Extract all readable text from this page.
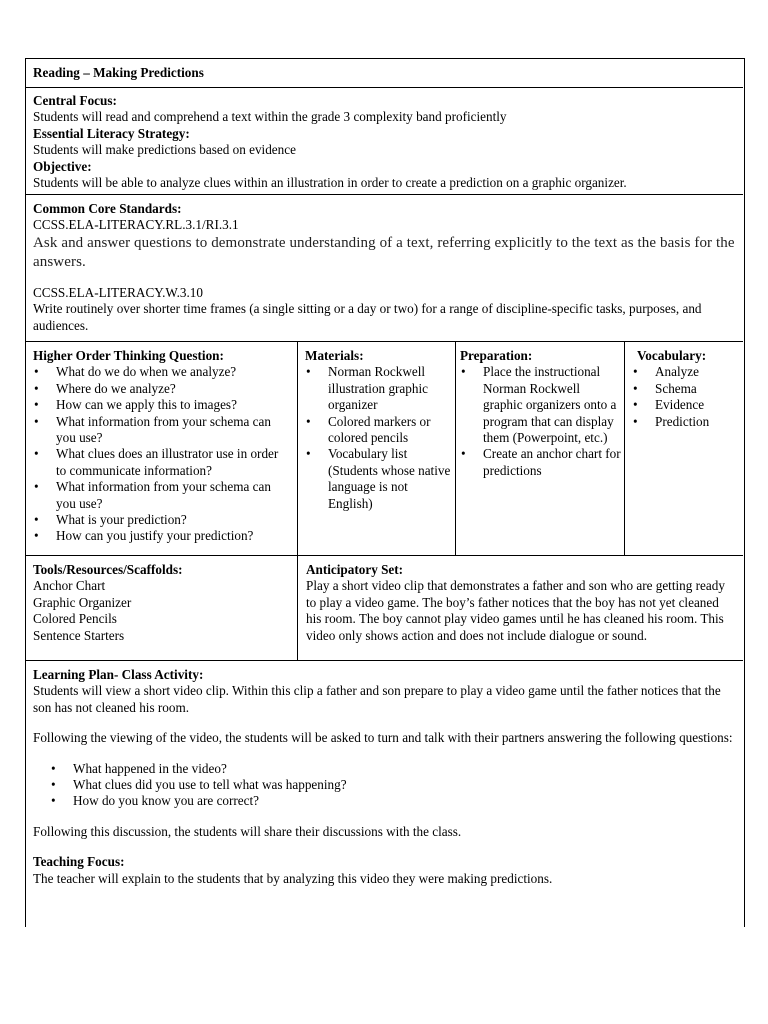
Reading – Making Predictions

Central Focus:

Students will read and comprehend a text within the grade 3 complexity band proficiently

Essential Literacy Strategy:

Students will make predictions based on evidence

Objective:

Students will be able to analyze clues within an illustration in order to create a prediction on a graphic organizer.

Common Core Standards:

CCSS.ELA-LITERACY.RL.3.1/RI.3.1

Ask and answer questions to demonstrate understanding of a text, referring explicitly to the text as the basis for the answers.

CCSS.ELA-LITERACY.W.3.10

Write routinely over shorter time frames (a single sitting or a day or two) for a range of discipline-specific tasks, purposes, and audiences.

Higher Order Thinking Question:

• What do we do when we analyze?
• Where do we analyze?
• How can we apply this to images?
• What information from your schema can you use?
• What clues does an illustrator use in order to communicate information?
• What information from your schema can you use?
• What is your prediction?
• How can you justify your prediction?

Materials:

• Norman Rockwell illustration graphic organizer
• Colored markers or colored pencils
• Vocabulary list (Students whose native language is not English)

Preparation:

• Place the instructional Norman Rockwell graphic organizers onto a program that can display them (Powerpoint, etc.)
• Create an anchor chart for predictions

Vocabulary:

• Analyze
• Schema
• Evidence
• Prediction

Tools/Resources/Scaffolds:

Anchor Chart

Graphic Organizer

Colored Pencils

Sentence Starters

Anticipatory Set:

Play a short video clip that demonstrates a father and son who are getting ready to play a video game. The boy’s father notices that the boy has not yet cleaned his room. The boy cannot play video games until he has cleaned his room. This video only shows action and does not include dialogue or sound.

Learning Plan- Class Activity:

Students will view a short video clip. Within this clip a father and son prepare to play a video game until the father notices that the son has not cleaned his room.

Following the viewing of the video, the students will be asked to turn and talk with their partners answering the following questions:

• What happened in the video?
• What clues did you use to tell what was happening?
• How do you know you are correct?

Following this discussion, the students will share their discussions with the class.

Teaching Focus:

The teacher will explain to the students that by analyzing this video they were making predictions.
